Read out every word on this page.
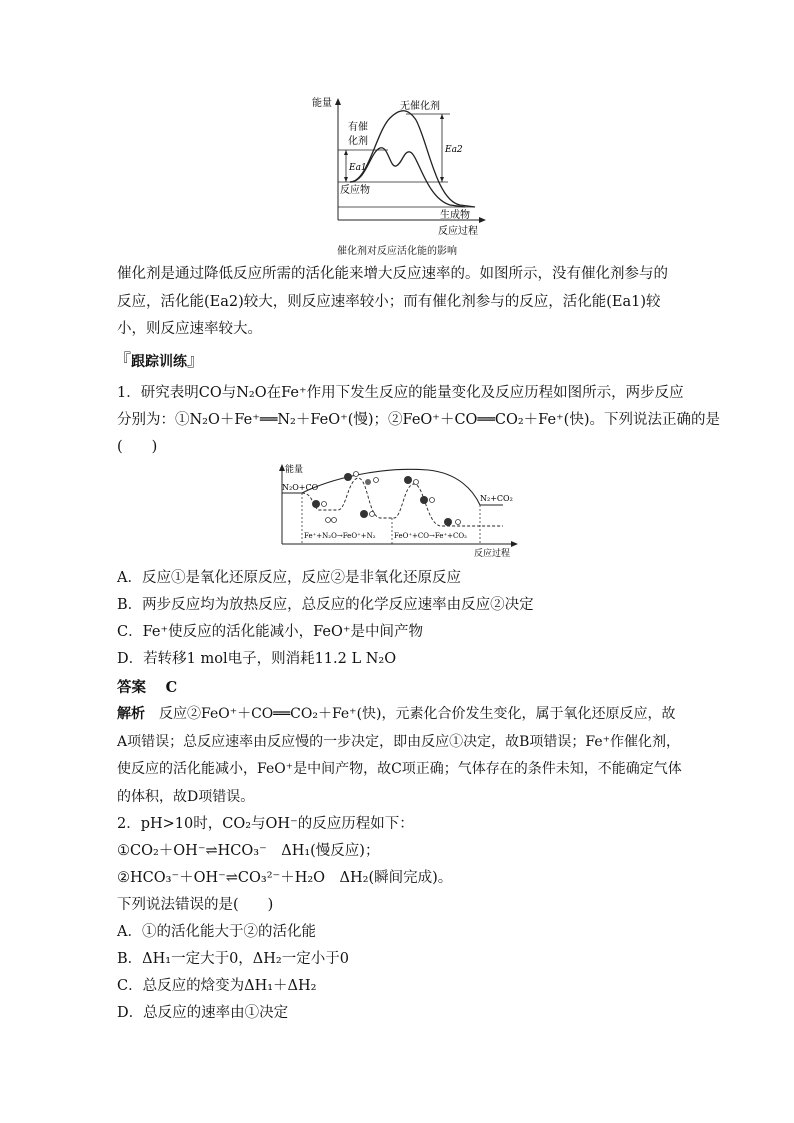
能量	无催化剂
有催
化剂
Ea1
Ea2
反应物
生成物
反应过程
催化剂对反应活化能的影响
催化剂是通过降低反应所需的活化能来增大反应速率的。如图所示，没有催化剂参与的反应，活化能(Ea2)较大，则反应速率较小；而有催化剂参与的反应，活化能(Ea1)较小，则反应速率较大。
『跟踪训练』
1．研究表明CO与N₂O在Fe⁺作用下发生反应的能量变化及反应历程如图所示，两步反应
分别为：①N₂O＋Fe⁺══N₂＋FeO⁺(慢)；②FeO⁺＋CO══CO₂＋Fe⁺(快)。下列说法正确的是
(　　)
能量
N₂O+CO
N₂+CO₂
Fe⁺+N₂O→FeO⁺+N₂	FeO⁺+CO→Fe⁺+CO₂
反应过程
A．反应①是氧化还原反应，反应②是非氧化还原反应
B．两步反应均为放热反应，总反应的化学反应速率由反应②决定
C．Fe⁺使反应的活化能减小，FeO⁺是中间产物
D．若转移1 mol电子，则消耗11.2 L N₂O
答案　 C
解析　 反应②FeO⁺＋CO══CO₂＋Fe⁺(快)，元素化合价发生变化，属于氧化还原反应，故A项错误；总反应速率由反应慢的一步决定，即由反应①决定，故B项错误；Fe⁺作催化剂，使反应的活化能减小，FeO⁺是中间产物，故C项正确；气体存在的条件未知，不能确定气体的体积，故D项错误。
2．pH>10时，CO₂与OH⁻的反应历程如下：
①CO₂＋OH⁻⇌HCO₃⁻　ΔH₁(慢反应)；
②HCO₃⁻＋OH⁻⇌CO₃²⁻＋H₂O　ΔH₂(瞬间完成)。
下列说法错误的是(　　)
A．①的活化能大于②的活化能
B．ΔH₁一定大于0，ΔH₂一定小于0
C．总反应的焓变为ΔH₁＋ΔH₂
D．总反应的速率由①决定
